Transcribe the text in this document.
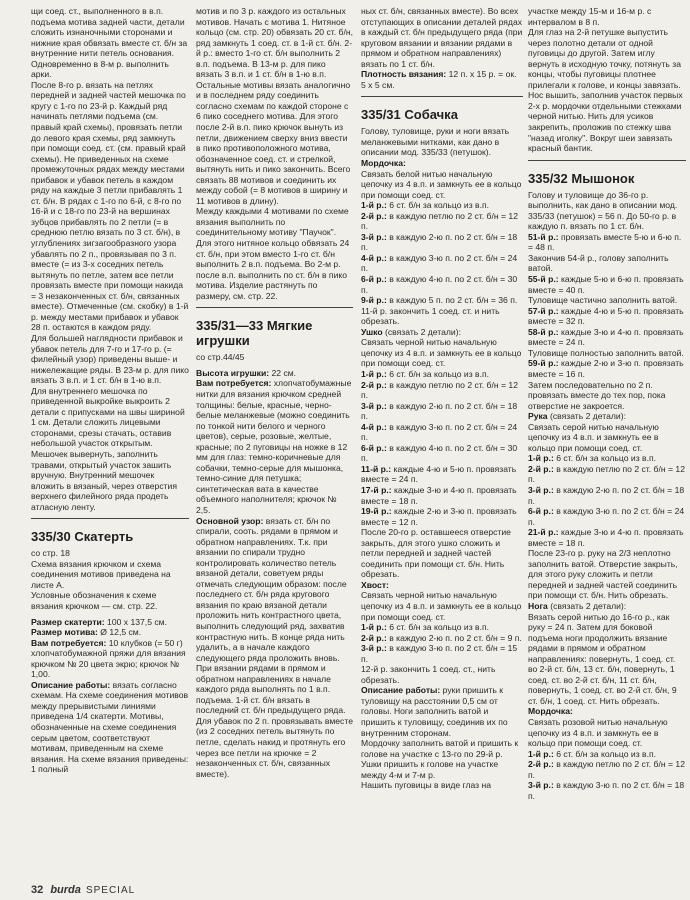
щи соед. ст., выполненного в в.п. подъема мотива задней части, детали сложить изнаночными сторонами и нижние края обвязать вместе ст. б/н за внутренние нити петель основания. Одновременно в 8-м р. выполнить арки.

После 8-го р. вязать на петлях передней и задней частей мешочка по кругу с 1-го по 23-й р. Каждый ряд начинать петлями подъема (см. правый край схемы), провязать петли до левого края схемы, ряд замкнуть при помощи соед. ст. (см. правый край схемы). Не приведенных на схеме промежуточных рядах между местами прибавок и убавок петель в каждом ряду на каждые 3 петли прибавлять 1 ст. б/н. В рядах с 1-го по 6-й, с 8-го по 16-й и с 18-го по 23-й на вершинах зубцов прибавлять по 2 петли (= в среднюю петлю вязать по 3 ст. б/н), в углублениях зигзагообразного узора убавлять по 2 п., провязывая по 3 п. вместе (= из 3-х соседних петель вытянуть по петле, затем все петли провязать вместе при помощи накида = 3 незаконченных ст. б/н, связанных вместе). Отмеченные (см. скобку) в 1-й р. между местами прибавок и убавок 28 п. остаются в каждом ряду.

Для большей наглядности прибавок и убавок петель для 7-го и 17-го р. (= филейный узор) приведены выше- и нижележащие ряды. В 23-м р. для пико вязать 3 в.п. и 1 ст. б/н в 1-ю в.п.

Для внутреннего мешочка по приведенной выкройке выкроить 2 детали с припусками на швы шириной 1 см. Детали сложить лицевыми сторонами, срезы стачать, оставив небольшой участок открытым. Мешочек вывернуть, заполнить травами, открытый участок зашить вручную. Внутренний мешочек вложить в вязаный, через отверстия верхнего филейного ряда продеть атласную ленту.

335/30 Скатерть

со стр. 18

Схема вязания крючком и схема соединения мотивов приведена на листе А.

Условные обозначения к схеме вязания крючком — см. стр. 22.

Размер скатерти: 100 х 137,5 см.

Размер мотива: Ø 12,5 см.

Вам потребуется: 10 клубков (= 50 г) хлопчатобумажной пряжи для вязания крючком № 20 цвета экрю; крючок № 1,00.

Описание работы: вязать согласно схемам. На схеме соединения мотивов между прерывистыми линиями приведена 1/4 скатерти. Мотивы, обозначенные на схеме соединения серым цветом, соответствуют мотивам, приведенным на схеме вязания. На схеме вязания приведены: 1 полный

мотив и по 3 р. каждого из остальных мотивов. Начать с мотива 1. Нитяное кольцо (см. стр. 20) обвязать 20 ст. б/н, ряд замкнуть 1 соед. ст. в 1-й ст. б/н. 2-й р.: вместо 1-го ст. б/н выполнить 2 в.п. подъема. В 13-м р. для пико вязать 3 в.п. и 1 ст. б/н в 1-ю в.п. Остальные мотивы вязать аналогично и в последнем ряду соединить согласно схемам по каждой стороне с 6 пико соседнего мотива. Для этого после 2-й в.п. пико крючок вынуть из петли, движением сверху вниз ввести в пико противоположного мотива, обозначенное соед. ст. и стрелкой, вытянуть нить и пико закончить. Всего связать 88 мотивов и соединить их между собой (= 8 мотивов в ширину и 11 мотивов в длину).

Между каждыми 4 мотивами по схеме вязания выполнить по соединительному мотиву "Паучок". Для этого нитяное кольцо обвязать 24 ст. б/н, при этом вместо 1-го ст. б/н выполнить 2 в.п. подъема. Во 2-м р. после в.п. выполнить по ст. б/н в пико мотива. Изделие растянуть по размеру, см. стр. 22.

335/31—33 Мягкие игрушки

со стр.44/45

Высота игрушки: 22 см.

Вам потребуется: хлопчатобумажные нитки для вязания крючком средней толщины: белые, красные, черно-белые меланжевые (можно соединить по тонкой нити белого и черного цветов), серые, розовые, желтые, красные; по 2 пуговицы на ножке в 12 мм для глаз: темно-коричневые для собачки, темно-серые для мышонка, темно-синие для петушка; синтетическая вата в качестве объемного наполнителя; крючок № 2,5.

Основной узор: вязать ст. б/н по спирали, сооть. рядами в прямом и обратном направлениях. Т.к. при вязании по спирали трудно контролировать количество петель вязаной детали, советуем ряды отмечать следующим образом: после последнего ст. б/н ряда кругового вязания по краю вязаной детали проложить нить контрастного цвета, выполнить следующий ряд, захватив контрастную нить. В конце ряда нить удалить, а в начале каждого следующего ряда проложить вновь. При вязании рядами в прямом и обратном направлениях в начале каждого ряда выполнять по 1 в.п. подъема. 1-й ст. б/н вязать в последний ст. б/н предыдущего ряда. Для убавок по 2 п. провязывать вместе (из 2 соседних петель вытянуть по петле, сделать накид и протянуть его через все петли на крючке = 2 незаконченных ст. б/н, связанных вместе).

ных ст. б/н, связанных вместе). Во всех отступающих в описании деталей рядах в каждый ст. б/н предыдущего ряда (при круговом вязании и вязании рядами в прямом и обратном направлениях) вязать по 1 ст. б/н.

Плотность вязания: 12 п. х 15 р. = ок. 5 х 5 см.

335/31 Собачка

Голову, туловище, руки и ноги вязать меланжевыми нитками, как дано в описании мод. 335/33 (петушок).

Мордочка:

Связать белой нитью начальную цепочку из 4 в.п. и замкнуть ее в кольцо при помощи соед. ст.

1-й р.: 6 ст. б/н за кольцо из в.п.

2-й р.: в каждую петлю по 2 ст. б/н = 12 п.

3-й р.: в каждую 2-ю п. по 2 ст. б/н = 18 п.

4-й р.: в каждую 3-ю п. по 2 ст. б/н = 24 п.

6-й р.: в каждую 4-ю п. по 2 ст. б/н = 30 п.

9-й р.: в каждую 5 п. по 2 ст. б/н = 36 п.

11-й р. закончить 1 соед. ст. и нить обрезать.

Ушко (связать 2 детали):

Связать черной нитью начальную цепочку из 4 в.п. и замкнуть ее в кольцо при помощи соед. ст.

1-й р.: 6 ст. б/н за кольцо из в.п.

2-й р.: в каждую петлю по 2 ст. б/н = 12 п.

3-й р.: в каждую 2-ю п. по 2 ст. б/н = 18 п.

4-й р.: в каждую 3-ю п. по 2 ст. б/н = 24 п.

6-й р.: в каждую 4-ю п. по 2 ст. б/н = 30 п.

11-й р.: каждые 4-ю и 5-ю п. провязать вместе = 24 п.

17-й р.: каждые 3-ю и 4-ю п. провязать вместе = 18 п.

19-й р.: каждые 2-ю и 3-ю п. провязать вместе = 12 п.

После 20-го р. оставшееся отверстие закрыть, для этого ушко сложить и петли передней и задней частей соединить при помощи ст. б/н. Нить обрезать.

Хвост:

Связать черной нитью начальную цепочку из 4 в.п. и замкнуть ее в кольцо при помощи соед. ст.

1-й р.: 6 ст. б/н за кольцо из в.п.

2-й р.: в каждую 2-ю п. по 2 ст. б/н = 9 п.

3-й р.: в каждую 3-ю п. по 2 ст. б/н = 15 п.

12-й р. закончить 1 соед. ст., нить обрезать.

Описание работы: руки пришить к туловищу на расстоянии 0,5 см от головы. Ноги заполнить ватой и пришить к туловищу, соединив их по внутренним сторонам.

Мордочку заполнить ватой и пришить к голове на участке с 13-го по 29-й р.

Ушки пришить к голове на участке между 4-м и 7-м р.

Нашить пуговицы в виде глаз на

участке между 15-м и 16-м р. с интервалом в 8 п.

Для глаз на 2-й петушке выпустить через полотно детали от одной пуговицы до другой. Затем иглу вернуть в исходную точку, потянуть за концы, чтобы пуговицы плотнее прилегали к голове, и концы завязать.

Нос вышить, заполнив участок первых 2-х р. мордочки отдельными стежками черной нитью. Нить для усиков закрепить, проложив по стежку шва "назад иголку". Вокруг шеи завязать красный бантик.

335/32 Мышонок

Голову и туловище до 36-го р. выполнить, как дано в описании мод. 335/33 (петушок) = 56 п. До 50-го р. в каждую п. вязать по 1 ст. б/н.

51-й р.: провязать вместе 5-ю и 6-ю п. = 48 п.

Закончив 54-й р., голову заполнить ватой.

55-й р.: каждые 5-ю и 6-ю п. провязать вместе = 40 п.

Туловище частично заполнить ватой.

57-й р.: каждые 4-ю и 5-ю п. провязать вместе = 32 п.

58-й р.: каждые 3-ю и 4-ю п. провязать вместе = 24 п.

Туловище полностью заполнить ватой.

59-й р.: каждые 2-ю и 3-ю п. провязать вместе = 16 п.

Затем последовательно по 2 п. провязать вместе до тех пор, пока отверстие не закроется.

Рука (связать 2 детали):

Связать серой нитью начальную цепочку из 4 в.п. и замкнуть ее в кольцо при помощи соед. ст.

1-й р.: 6 ст. б/н за кольцо из в.п.

2-й р.: в каждую петлю по 2 ст. б/н = 12 п.

3-й р.: в каждую 2-ю п. по 2 ст. б/н = 18 п.

6-й р.: в каждую 3-ю п. по 2 ст. б/н = 24 п.

21-й р.: каждые 3-ю и 4-ю п. провязать вместе = 18 п.

После 23-го р. руку на 2/3 неплотно заполнить ватой. Отверстие закрыть, для этого руку сложить и петли передней и задней частей соединить при помощи ст. б/н. Нить обрезать.

Нога (связать 2 детали):

Вязать серой нитью до 16-го р., как руку = 24 п. Затем для боковой подъема ноги продолжить вязание рядами в прямом и обратном направлениях: повернуть, 1 соед. ст. во 2-й ст. б/н, 13 ст. б/н, повернуть, 1 соед. ст. во 2-й ст. б/н, 11 ст. б/н, повернуть, 1 соед. ст. во 2-й ст. б/н, 9 ст. б/н, 1 соед. ст. Нить обрезать.

Мордочка:

Связать розовой нитью начальную цепочку из 4 в.п. и замкнуть ее в кольцо при помощи соед. ст.

1-й р.: 6 ст. б/н за кольцо из в.п.

2-й р.: в каждую петлю по 2 ст. б/н = 12 п.

3-й р.: в каждую 3-ю п. по 2 ст. б/н = 18 п.

32 burda SPECIAL
